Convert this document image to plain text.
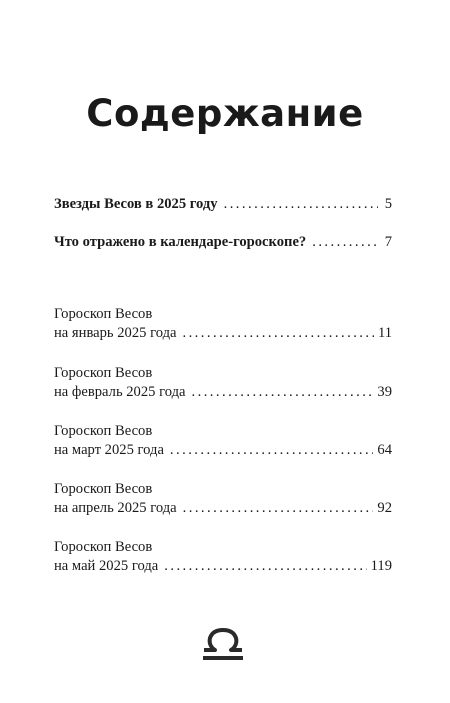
Содержание
Звезды Весов в 2025 году . . .	5
Что отражено в календаре-гороскопе? . . .	7
Гороскоп Весов
на январь 2025 года . . .	11
Гороскоп Весов
на февраль 2025 года . . .	39
Гороскоп Весов
на март 2025 года . . .	64
Гороскоп Весов
на апрель 2025 года . . .	92
Гороскоп Весов
на май 2025 года . . .	119
